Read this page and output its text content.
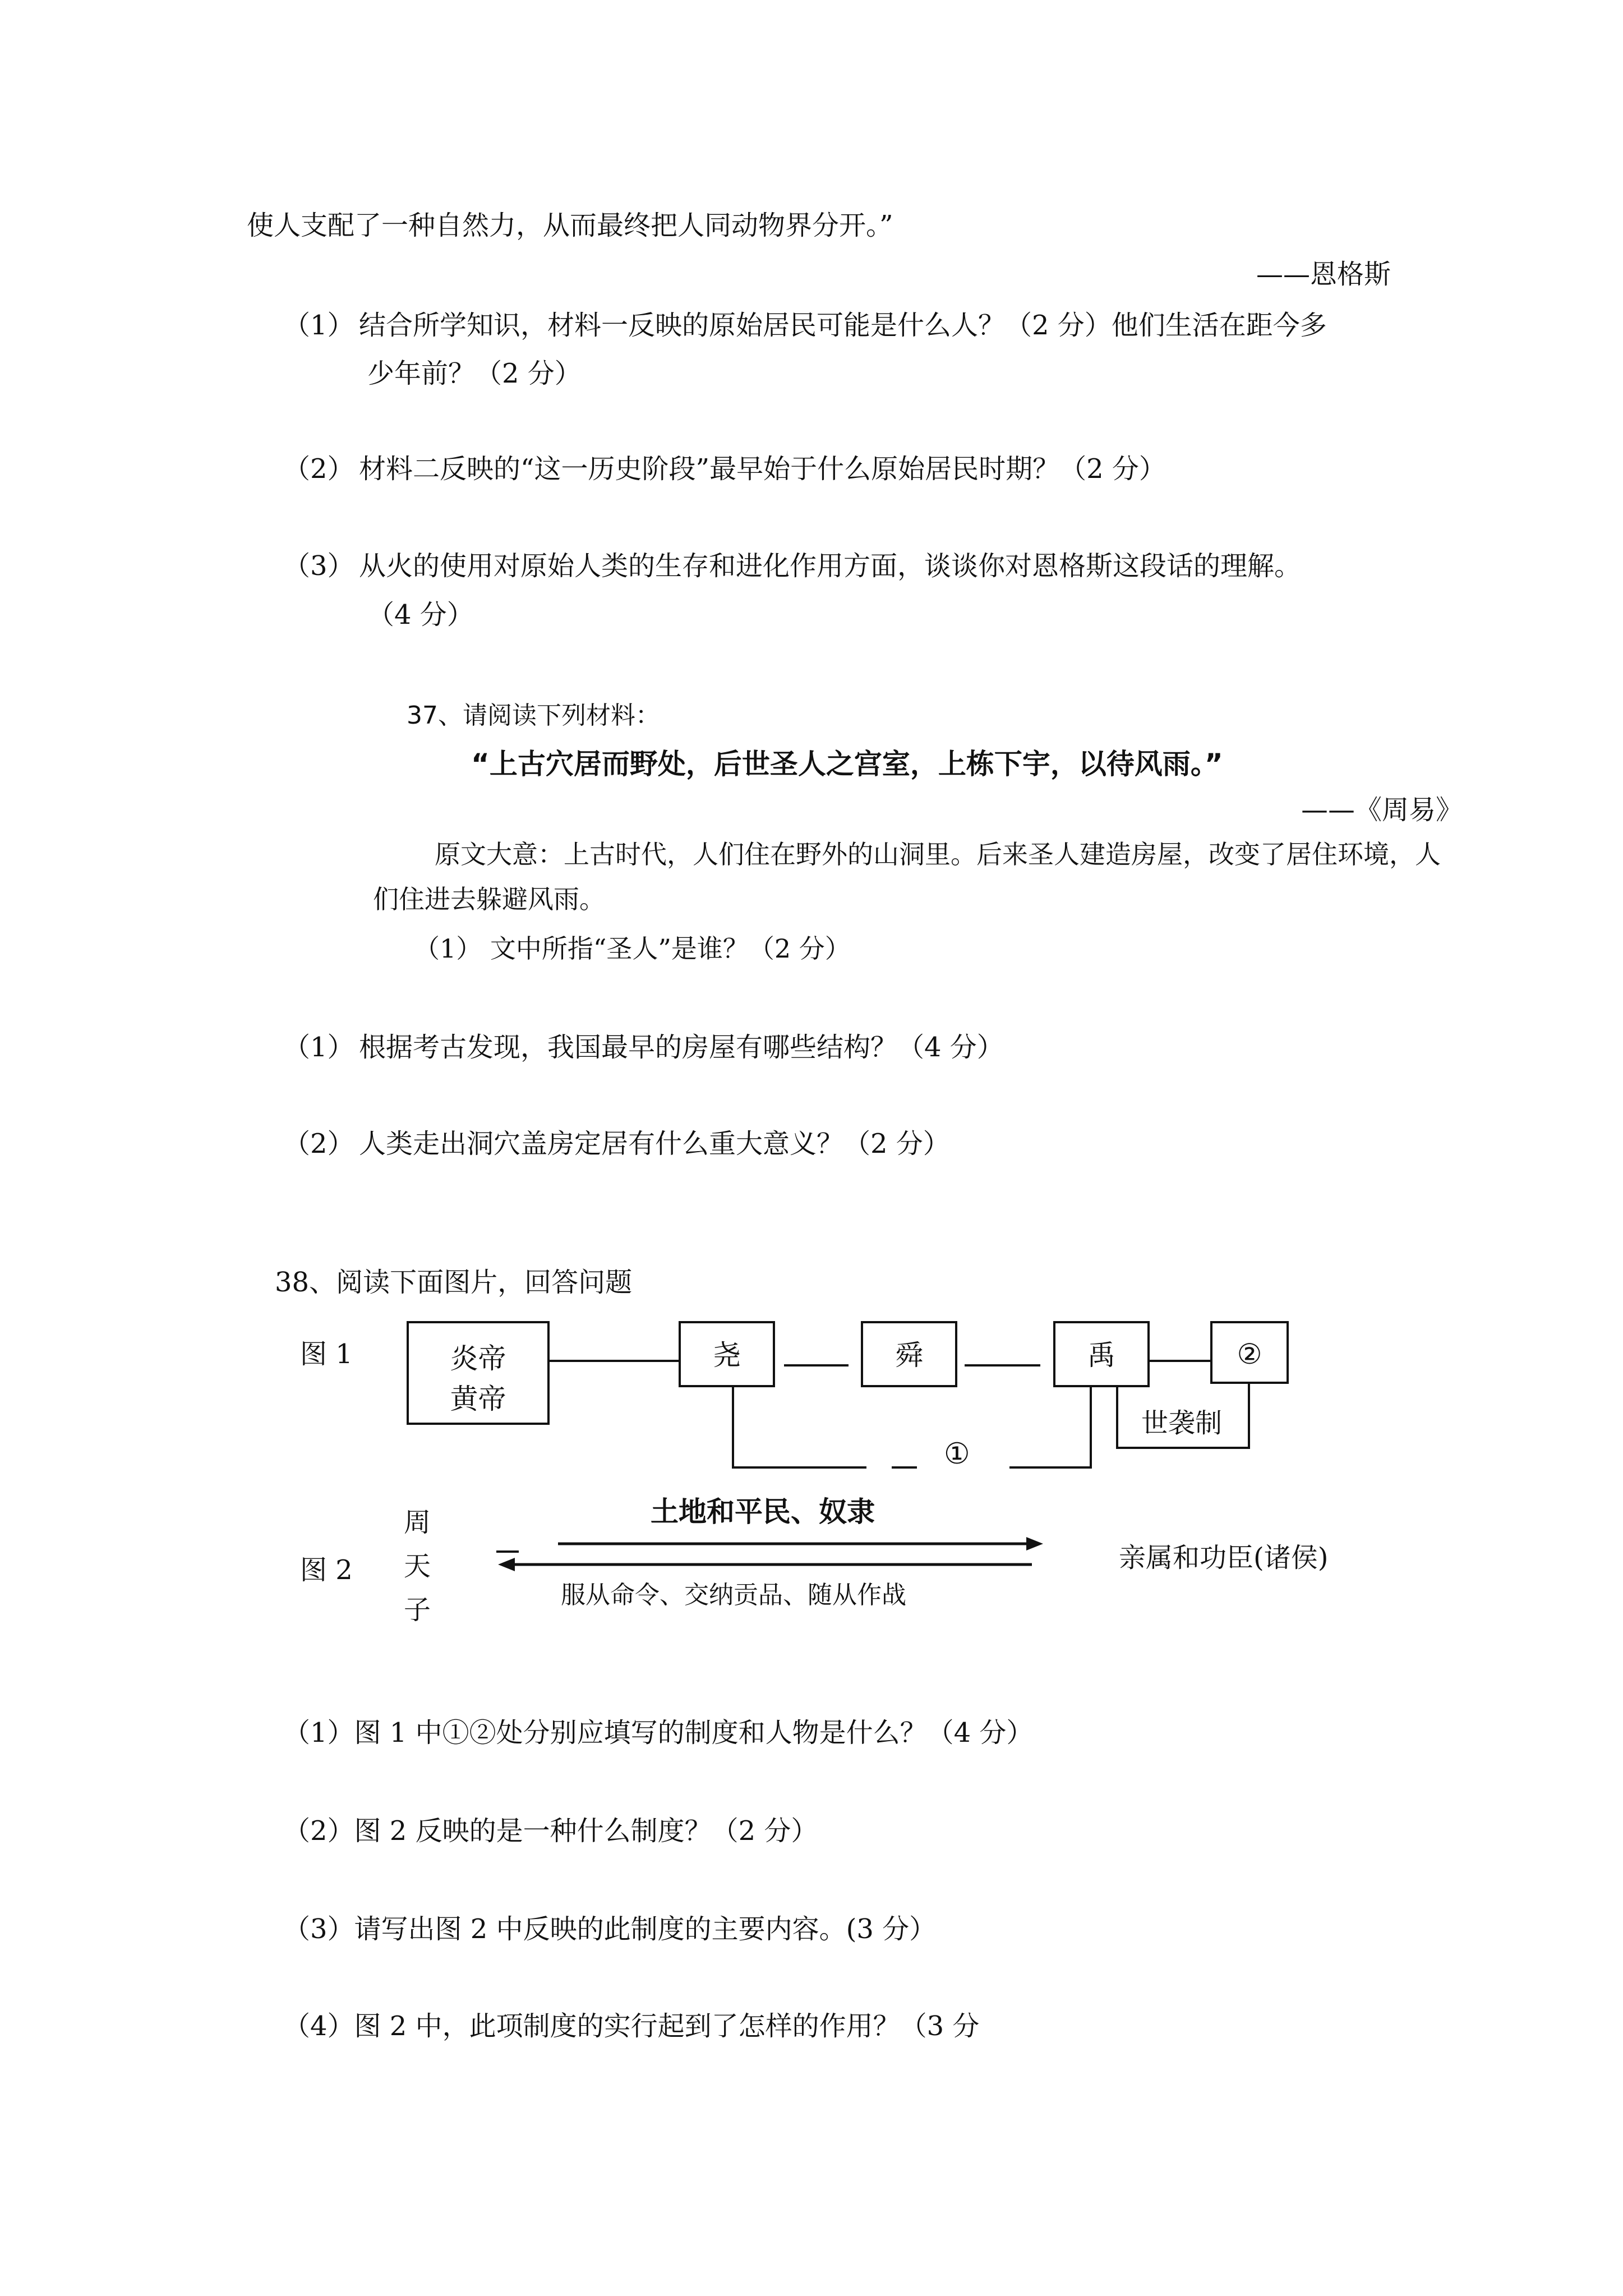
使人支配了一种自然力，从而最终把人同动物界分开。”
——恩格斯
（1） 结合所学知识，材料一反映的原始居民可能是什么人？（2 分）他们生活在距今多
少年前？（2 分）
（2） 材料二反映的“这一历史阶段”最早始于什么原始居民时期？（2 分）
（3） 从火的使用对原始人类的生存和进化作用方面，谈谈你对恩格斯这段话的理解。
（4 分）
37、请阅读下列材料：
“上古穴居而野处，后世圣人之宫室，上栋下宇，以待风雨。”
——《周易》
原文大意：上古时代，人们住在野外的山洞里。后来圣人建造房屋，改变了居住环境，人
们住进去躲避风雨。
（1） 文中所指“圣人”是谁？（2 分）
（1） 根据考古发现，我国最早的房屋有哪些结构？（4 分）
（2） 人类走出洞穴盖房定居有什么重大意义？（2 分）
38、阅读下面图片，回答问题
图 1	炎帝
黄帝
尧	舜	禹	②
①
世袭制
图 2
周
天
子
土地和平民、奴隶
服从命令、交纳贡品、随从作战
亲属和功臣(诸侯)
（1）图 1 中①②处分别应填写的制度和人物是什么？（4 分）
（2）图 2 反映的是一种什么制度？（2 分）
（3）请写出图 2 中反映的此制度的主要内容。(3 分）
（4）图 2 中，此项制度的实行起到了怎样的作用？（3 分
